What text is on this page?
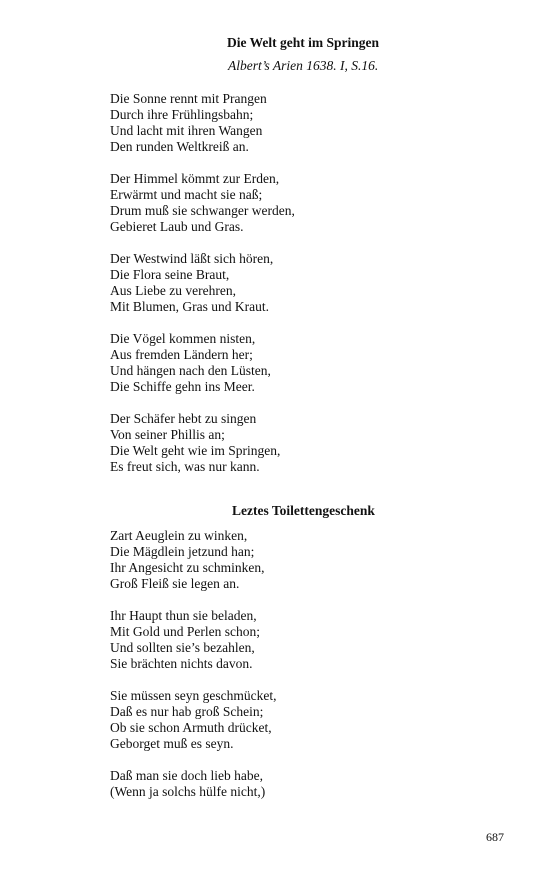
Die Welt geht im Springen
Albert’s Arien 1638. I, S.16.
Die Sonne rennt mit Prangen
Durch ihre Frühlingsbahn;
Und lacht mit ihren Wangen
Den runden Weltkreiß an.
Der Himmel kömmt zur Erden,
Erwärmt und macht sie naß;
Drum muß sie schwanger werden,
Gebieret Laub und Gras.
Der Westwind läßt sich hören,
Die Flora seine Braut,
Aus Liebe zu verehren,
Mit Blumen, Gras und Kraut.
Die Vögel kommen nisten,
Aus fremden Ländern her;
Und hängen nach den Lüsten,
Die Schiffe gehn ins Meer.
Der Schäfer hebt zu singen
Von seiner Phillis an;
Die Welt geht wie im Springen,
Es freut sich, was nur kann.
Leztes Toilettengeschenk
Zart Aeuglein zu winken,
Die Mägdlein jetzund han;
Ihr Angesicht zu schminken,
Groß Fleiß sie legen an.
Ihr Haupt thun sie beladen,
Mit Gold und Perlen schon;
Und sollten sie’s bezahlen,
Sie brächten nichts davon.
Sie müssen seyn geschmücket,
Daß es nur hab groß Schein;
Ob sie schon Armuth drücket,
Geborget muß es seyn.
Daß man sie doch lieb habe,
(Wenn ja solchs hülfe nicht,)
687
